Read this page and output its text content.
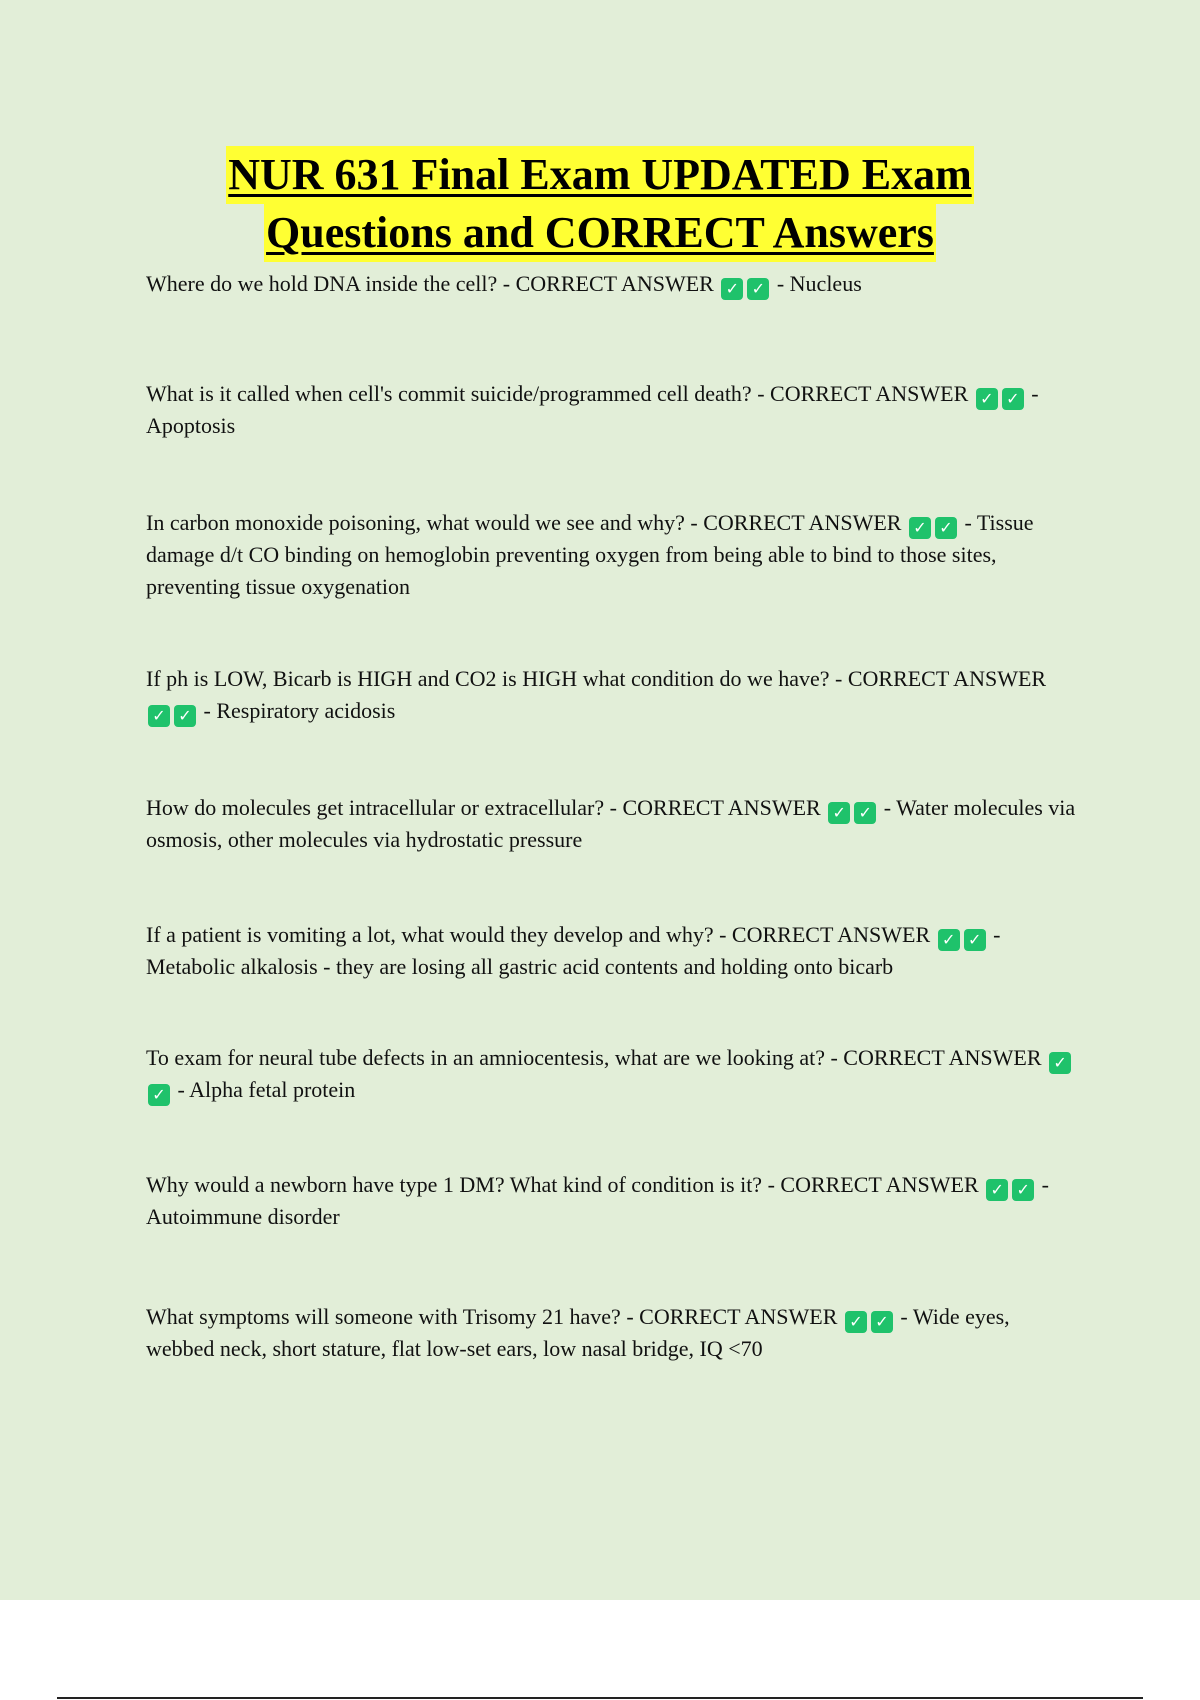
NUR 631 Final Exam UPDATED Exam
Questions and CORRECT Answers

Where do we hold DNA inside the cell? - CORRECT ANSWER ✓ ✓ - Nucleus

What is it called when cell's commit suicide/programmed cell death? - CORRECT ANSWER ✓ ✓ - Apoptosis

In carbon monoxide poisoning, what would we see and why? - CORRECT ANSWER ✓ ✓ - Tissue damage d/t CO binding on hemoglobin preventing oxygen from being able to bind to those sites, preventing tissue oxygenation

If ph is LOW, Bicarb is HIGH and CO2 is HIGH what condition do we have? - CORRECT ANSWER ✓ ✓ - Respiratory acidosis

How do molecules get intracellular or extracellular? - CORRECT ANSWER ✓ ✓ - Water molecules via osmosis, other molecules via hydrostatic pressure

If a patient is vomiting a lot, what would they develop and why? - CORRECT ANSWER ✓ ✓ - Metabolic alkalosis - they are losing all gastric acid contents and holding onto bicarb

To exam for neural tube defects in an amniocentesis, what are we looking at? - CORRECT ANSWER ✓✓ - Alpha fetal protein

Why would a newborn have type 1 DM? What kind of condition is it? - CORRECT ANSWER ✓ ✓ - Autoimmune disorder

What symptoms will someone with Trisomy 21 have? - CORRECT ANSWER ✓ ✓ - Wide eyes, webbed neck, short stature, flat low-set ears, low nasal bridge, IQ <70
